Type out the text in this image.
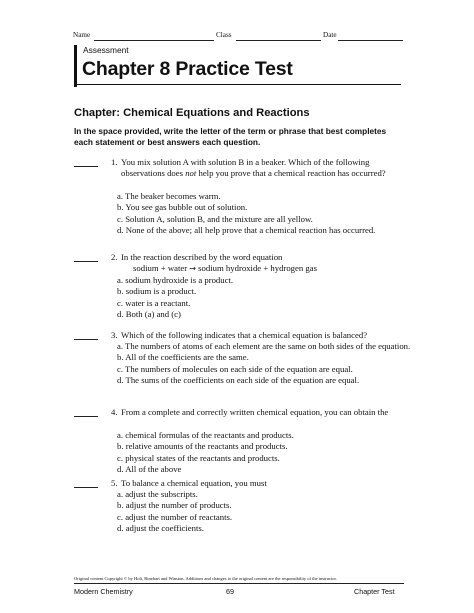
Name	Class	Date
Assessment
Chapter 8 Practice Test
Chapter: Chemical Equations and Reactions
In the space provided, write the letter of the term or phrase that best completes each statement or best answers each question.
1. You mix solution A with solution B in a beaker. Which of the following observations does not help you prove that a chemical reaction has occurred?
a. The beaker becomes warm.
b. You see gas bubble out of solution.
c. Solution A, solution B, and the mixture are all yellow.
d. None of the above; all help prove that a chemical reaction has occurred.
2. In the reaction described by the word equation
sodium + water → sodium hydroxide + hydrogen gas
a. sodium hydroxide is a product.
b. sodium is a product.
c. water is a reactant.
d. Both (a) and (c)
3. Which of the following indicates that a chemical equation is balanced?
a. The numbers of atoms of each element are the same on both sides of the equation.
b. All of the coefficients are the same.
c. The numbers of molecules on each side of the equation are equal.
d. The sums of the coefficients on each side of the equation are equal.
4. From a complete and correctly written chemical equation, you can obtain the
a. chemical formulas of the reactants and products.
b. relative amounts of the reactants and products.
c. physical states of the reactants and products.
d. All of the above
5. To balance a chemical equation, you must
a. adjust the subscripts.
b. adjust the number of products.
c. adjust the number of reactants.
d. adjust the coefficients.
Original content Copyright © by Holt, Rinehart and Winston. Additions and changes to the original content are the responsibility of the instructor.
Modern Chemistry	69	Chapter Test
